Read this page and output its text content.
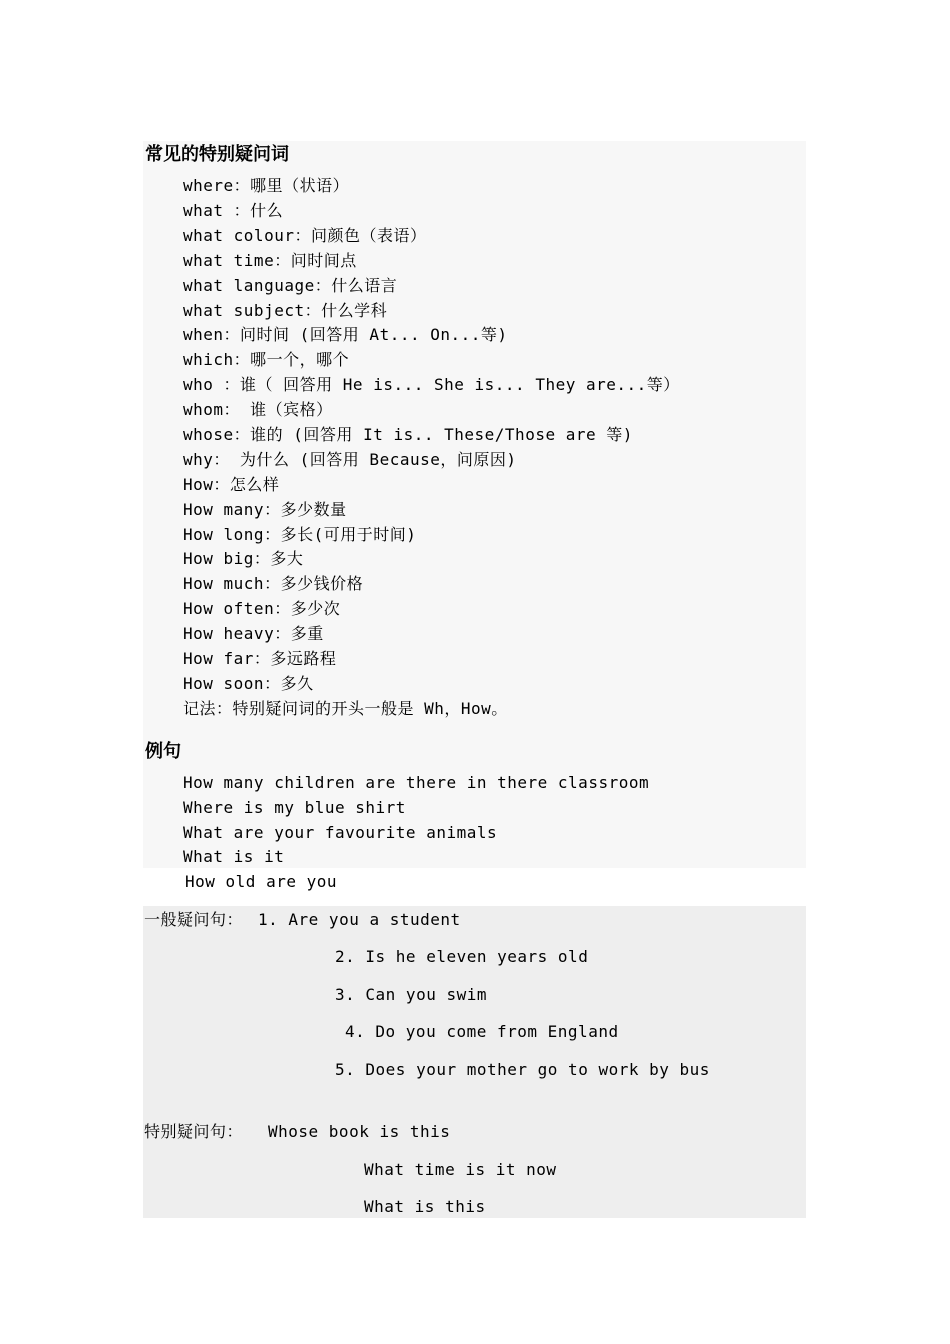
常见的特别疑问词
where：哪里（状语）
what ：什么
what colour：问颜色（表语）
what time：问时间点
what language：什么语言
what subject：什么学科
when：问时间 (回答用 At... On...等)
which：哪一个，哪个
who ：谁（ 回答用 He is... She is... They are...等）
whom： 谁（宾格）
whose：谁的 (回答用 It is.. These/Those are 等)
why： 为什么 (回答用 Because，问原因)
How：怎么样
How many：多少数量
How long：多长(可用于时间)
How big：多大
How much：多少钱价格
How often：多少次
How heavy：多重
How far：多远路程
How soon：多久
记法：特别疑问词的开头一般是 Wh，How。
例句
How many children are there in there classroom
Where is my blue shirt
What are your favourite animals
What is it
How old are you
一般疑问句： 1. Are you a student
2. Is he eleven years old
3. Can you swim
4. Do you come from England
5. Does your mother go to work by bus
特别疑问句： Whose book is this
What time is it now
What is this
